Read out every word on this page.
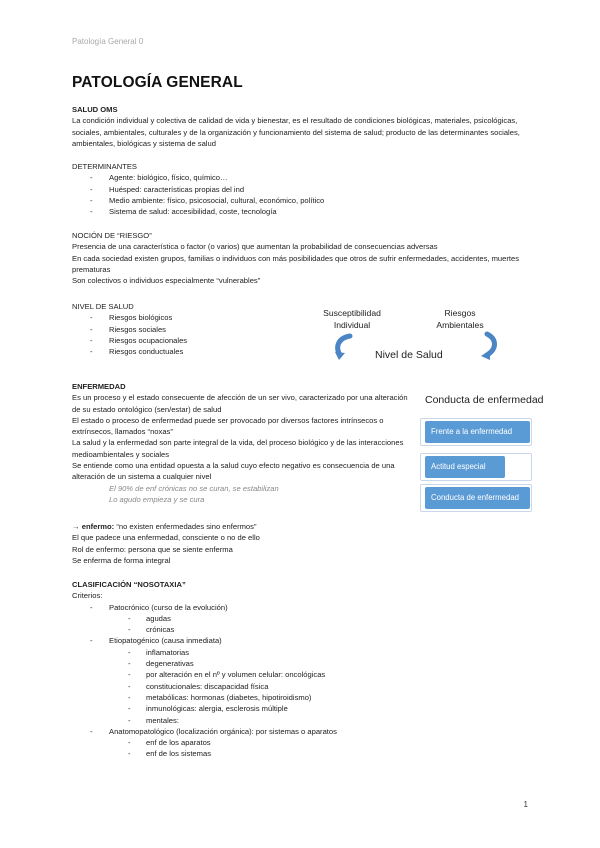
Patología General 0
PATOLOGÍA GENERAL
SALUD OMS
La condición individual y colectiva de calidad de vida y bienestar, es el resultado de condiciones biológicas, materiales, psicológicas, sociales, ambientales, culturales y de la organización y funcionamiento del sistema de salud; producto de las determinantes sociales, ambientales, biológicas y sistema de salud
DETERMINANTES
- Agente: biológico, físico, químico…
- Huésped: características propias del ind
- Medio ambiente: físico, psicosocial, cultural, económico, político
- Sistema de salud: accesibilidad, coste, tecnología
NOCIÓN DE “RIESGO”
Presencia de una característica o factor (o varios) que aumentan la probabilidad de consecuencias adversas
En cada sociedad existen grupos, familias o individuos con más posibilidades que otros de sufrir enfermedades, accidentes, muertes prematuras
Son colectivos o individuos especialmente “vulnerables”
NIVEL DE SALUD
- Riesgos biológicos
- Riesgos sociales
- Riesgos ocupacionales
- Riesgos conductuales
Susceptibilidad Individual
Riesgos Ambientales
Nivel de Salud
ENFERMEDAD
Es un proceso y el estado consecuente de afección de un ser vivo, caracterizado por una alteración de su estado ontológico (sen/estar) de salud
El estado o proceso de enfermedad puede ser provocado por diversos factores intrínsecos o extrínsecos, llamados “noxas”
La salud y la enfermedad son parte integral de la vida, del proceso biológico y de las interacciones medioambientales y sociales
Se entiende como una entidad opuesta a la salud cuyo efecto negativo es consecuencia de una alteración de un sistema a cualquier nivel
El 90% de enf crónicas no se curan, se estabilizan
Lo agudo empieza y se cura
Conducta de enfermedad
Frente a la enfermedad
Actitud especial
Conducta de enfermedad
→ enfermo: “no existen enfermedades sino enfermos”
El que padece una enfermedad, consciente o no de ello
Rol de enfermo: persona que se siente enferma
Se enferma de forma integral
CLASIFICACIÓN “NOSOTAXIA”
Criterios:
- Patocrónico (curso de la evolución)
- agudas
- crónicas
- Etiopatogénico (causa inmediata)
- inflamatorias
- degenerativas
- por alteración en el nº y volumen celular: oncológicas
- constitucionales: discapacidad física
- metabólicas: hormonas (diabetes, hipotiroidismo)
- inmunológicas: alergia, esclerosis múltiple
- mentales:
- Anatomopatológico (localización orgánica): por sistemas o aparatos
- enf de los aparatos
- enf de los sistemas
1
